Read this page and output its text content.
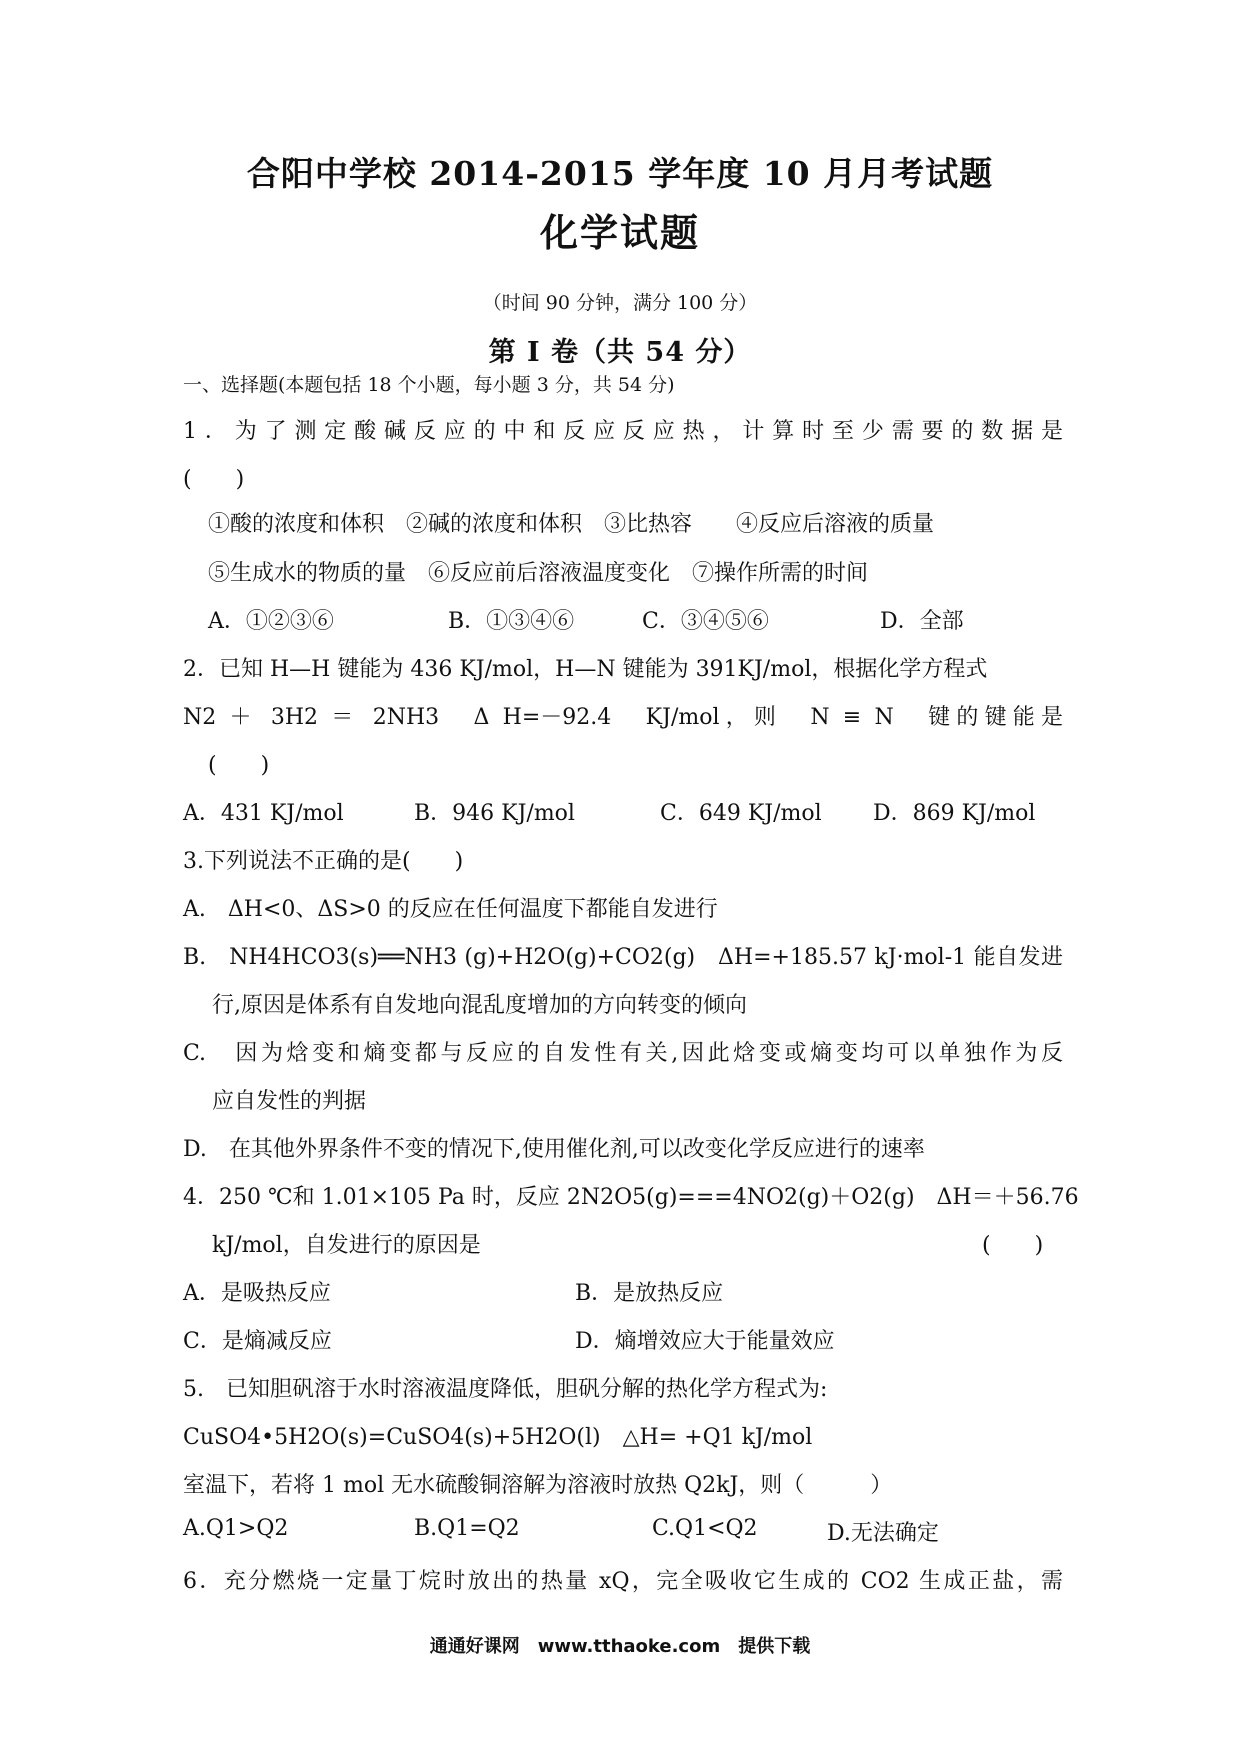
合阳中学校 2014-2015 学年度 10 月月考试题
化学试题
（时间 90 分钟，满分 100 分）
第 I 卷（共 54 分）
一、选择题(本题包括 18 个小题，每小题 3 分，共 54 分)
1．为了测定酸碱反应的中和反应反应热，计算时至少需要的数据是
(　　)
①酸的浓度和体积　②碱的浓度和体积　③比热容　　④反应后溶液的质量
⑤生成水的物质的量　⑥反应前后溶液温度变化　⑦操作所需的时间
A．①②③⑥	B．①③④⑥	C．③④⑤⑥	D．全部
2．已知 H—H 键能为 436 KJ/mol，H—N 键能为 391KJ/mol，根据化学方程式
N2 ＋ 3H2 ＝ 2NH3　Δ H=－92.4　KJ/mol，则　N ≡ N　键的键能是
(　　)
A．431 KJ/mol	B．946 KJ/mol	C．649 KJ/mol D．869 KJ/mol
3.下列说法不正确的是(　　)
A.　ΔH<0、ΔS>0 的反应在任何温度下都能自发进行
B.　NH4HCO3(s)══NH3 (g)+H2O(g)+CO2(g)　ΔH=+185.57 kJ·mol-1 能自发进
行,原因是体系有自发地向混乱度增加的方向转变的倾向
C.　因为焓变和熵变都与反应的自发性有关,因此焓变或熵变均可以单独作为反
应自发性的判据
D.　在其他外界条件不变的情况下,使用催化剂,可以改变化学反应进行的速率
4．250 ℃和 1.01×105 Pa 时，反应 2N2O5(g)===4NO2(g)＋O2(g)　ΔH＝＋56.76
kJ/mol，自发进行的原因是	(　　)
A．是吸热反应	B．是放热反应
C．是熵减反应	D．熵增效应大于能量效应
5.　已知胆矾溶于水时溶液温度降低，胆矾分解的热化学方程式为:
CuSO4•5H2O(s)=CuSO4(s)+5H2O(l)　△H= +Q1 kJ/mol
室温下，若将 1 mol 无水硫酸铜溶解为溶液时放热 Q2kJ，则（　　　）
A.Q1>Q2	B.Q1=Q2	C.Q1<Q2	D.无法确定
6．充分燃烧一定量丁烷时放出的热量 xQ，完全吸收它生成的 CO2 生成正盐，需
通通好课网　www.tthaoke.com　提供下载
